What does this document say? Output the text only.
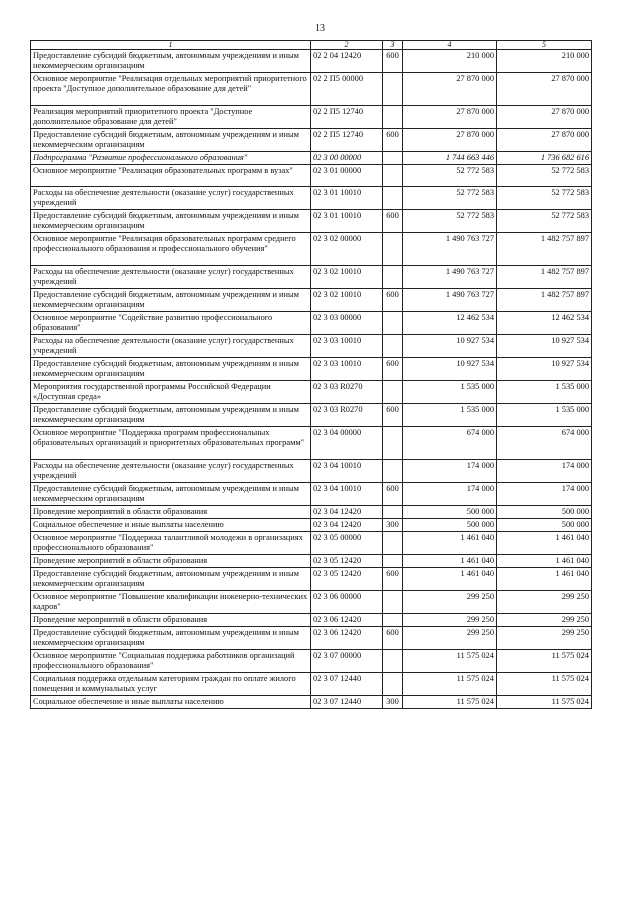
13
1	2	3	4	5
Предоставление субсидий бюджетным, автономным учреждениям и иным некоммерческим организациям	02 2 04 12420	600	210 000	210 000
Основное мероприятие "Реализация отдельных мероприятий приоритетного проекта "Доступное дополнительное образование для детей"	02 2 П5 00000		27 870 000	27 870 000
Реализация мероприятий приоритетного проекта "Доступное дополнительное образование для детей"	02 2 П5 12740		27 870 000	27 870 000
Предоставление субсидий бюджетным, автономным учреждениям и иным некоммерческим организациям	02 2 П5 12740	600	27 870 000	27 870 000
Подпрограмма "Развитие профессионального образования"	02 3 00 00000		1 744 663 446	1 736 682 616
Основное мероприятие "Реализация образовательных программ в вузах"	02 3 01 00000		52 772 583	52 772 583
Расходы на обеспечение деятельности (оказание услуг) государственных учреждений	02 3 01 10010		52 772 583	52 772 583
Предоставление субсидий бюджетным, автономным учреждениям и иным некоммерческим организациям	02 3 01 10010	600	52 772 583	52 772 583
Основное мероприятие "Реализация образовательных программ среднего профессионального образования и профессионального обучения"	02 3 02 00000		1 490 763 727	1 482 757 897
Расходы на обеспечение деятельности (оказание услуг) государственных учреждений	02 3 02 10010		1 490 763 727	1 482 757 897
Предоставление субсидий бюджетным, автономным учреждениям и иным некоммерческим организациям	02 3 02 10010	600	1 490 763 727	1 482 757 897
Основное мероприятие "Содействие развитию профессионального образования"	02 3 03 00000		12 462 534	12 462 534
Расходы на обеспечение деятельности (оказание услуг) государственных учреждений	02 3 03 10010		10 927 534	10 927 534
Предоставление субсидий бюджетным, автономным учреждениям и иным некоммерческим организациям	02 3 03 10010	600	10 927 534	10 927 534
Мероприятия государственной программы Российской Федерации «Доступная среда»	02 3 03 R0270		1 535 000	1 535 000
Предоставление субсидий бюджетным, автономным учреждениям и иным некоммерческим организациям	02 3 03 R0270	600	1 535 000	1 535 000
Основное мероприятие "Поддержка программ профессиональных образовательных организаций и приоритетных образовательных программ"	02 3 04 00000		674 000	674 000
Расходы на обеспечение деятельности (оказание услуг) государственных учреждений	02 3 04 10010		174 000	174 000
Предоставление субсидий бюджетным, автономным учреждениям и иным некоммерческим организациям	02 3 04 10010	600	174 000	174 000
Проведение мероприятий в области образования	02 3 04 12420		500 000	500 000
Социальное обеспечение и иные выплаты населению	02 3 04 12420	300	500 000	500 000
Основное мероприятие "Поддержка талантливой молодежи в организациях профессионального образования"	02 3 05 00000		1 461 040	1 461 040
Проведение мероприятий в области образования	02 3 05 12420		1 461 040	1 461 040
Предоставление субсидий бюджетным, автономным учреждениям и иным некоммерческим организациям	02 3 05 12420	600	1 461 040	1 461 040
Основное мероприятие "Повышение квалификации инженерно-технических кадров"	02 3 06 00000		299 250	299 250
Проведение мероприятий в области образования	02 3 06 12420		299 250	299 250
Предоставление субсидий бюджетным, автономным учреждениям и иным некоммерческим организациям	02 3 06 12420	600	299 250	299 250
Основное мероприятие "Социальная поддержка работников организаций профессионального образования"	02 3 07 00000		11 575 024	11 575 024
Социальная поддержка отдельным категориям граждан по оплате жилого помещения и коммунальных услуг	02 3 07 12440		11 575 024	11 575 024
Социальное обеспечение и иные выплаты населению	02 3 07 12440	300	11 575 024	11 575 024
